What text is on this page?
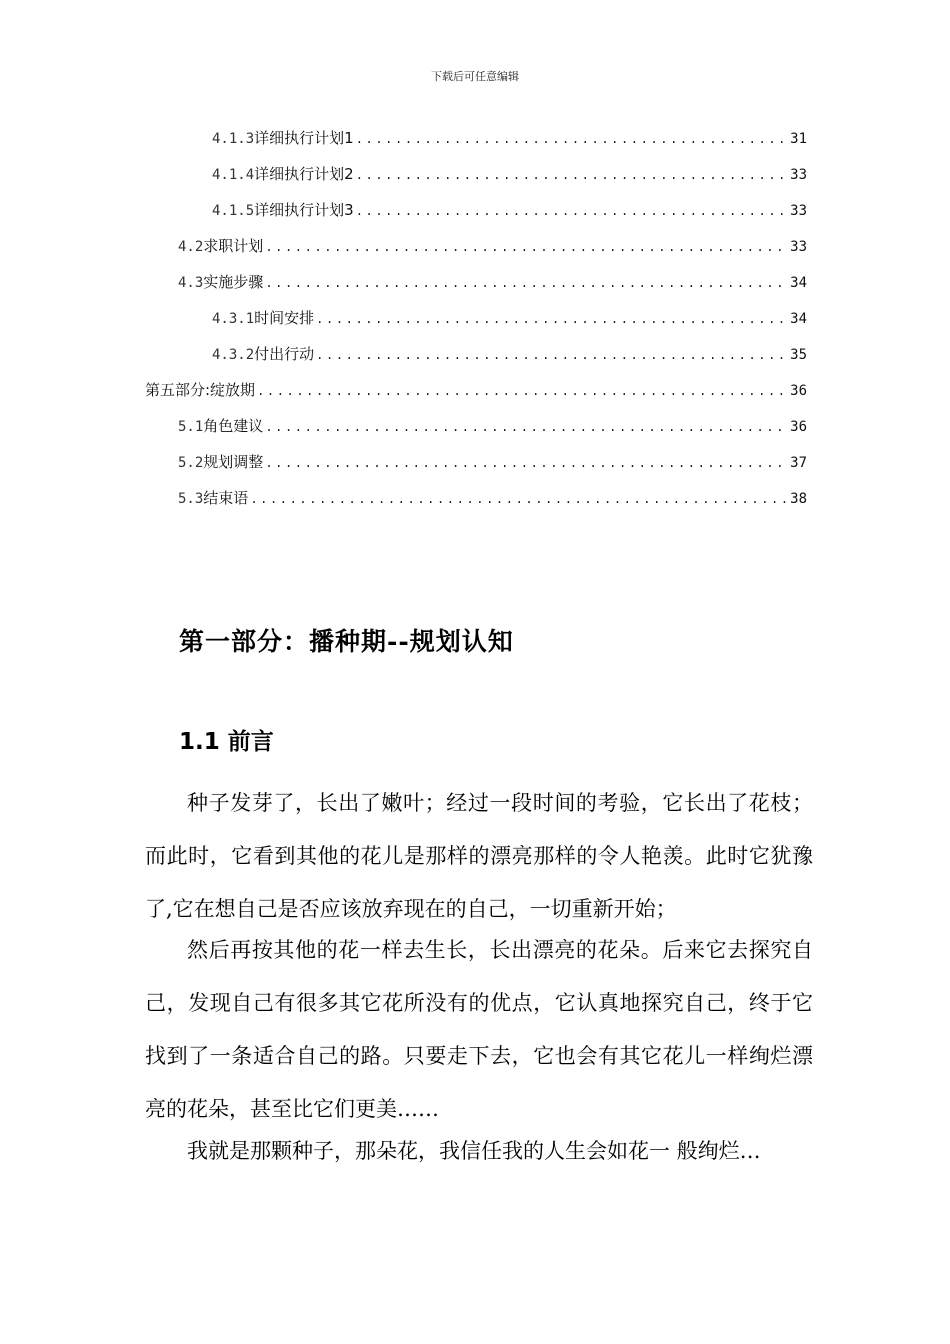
下载后可任意编辑
4.1.3 详细执行计划1 .....	31
4.1.4 详细执行计划2 .....	33
4.1.5 详细执行计划3 .....	33
4.2 求职计划 .....	33
4.3 实施步骤 .....	34
4.3.1 时间安排 .....	34
4.3.2 付出行动 .....	35
第五部分:绽放期 .....	36
5.1 角色建议 .....	36
5.2 规划调整 .....	37
5.3 结束语 .....	38
第一部分：播种期--规划认知
1.1 前言

种子发芽了，长出了嫩叶；经过一段时间的考验，它长出了花枝；而此时，它看到其他的花儿是那样的漂亮那样的令人艳羡。此时它犹豫了,它在想自己是否应该放弃现在的自己，一切重新开始；

然后再按其他的花一样去生长，长出漂亮的花朵。后来它去探究自己，发现自己有很多其它花所没有的优点，它认真地探究自己，终于它找到了一条适合自己的路。只要走下去，它也会有其它花儿一样绚烂漂亮的花朵，甚至比它们更美……

我就是那颗种子，那朵花，我信任我的人生会如花一 般绚烂…
